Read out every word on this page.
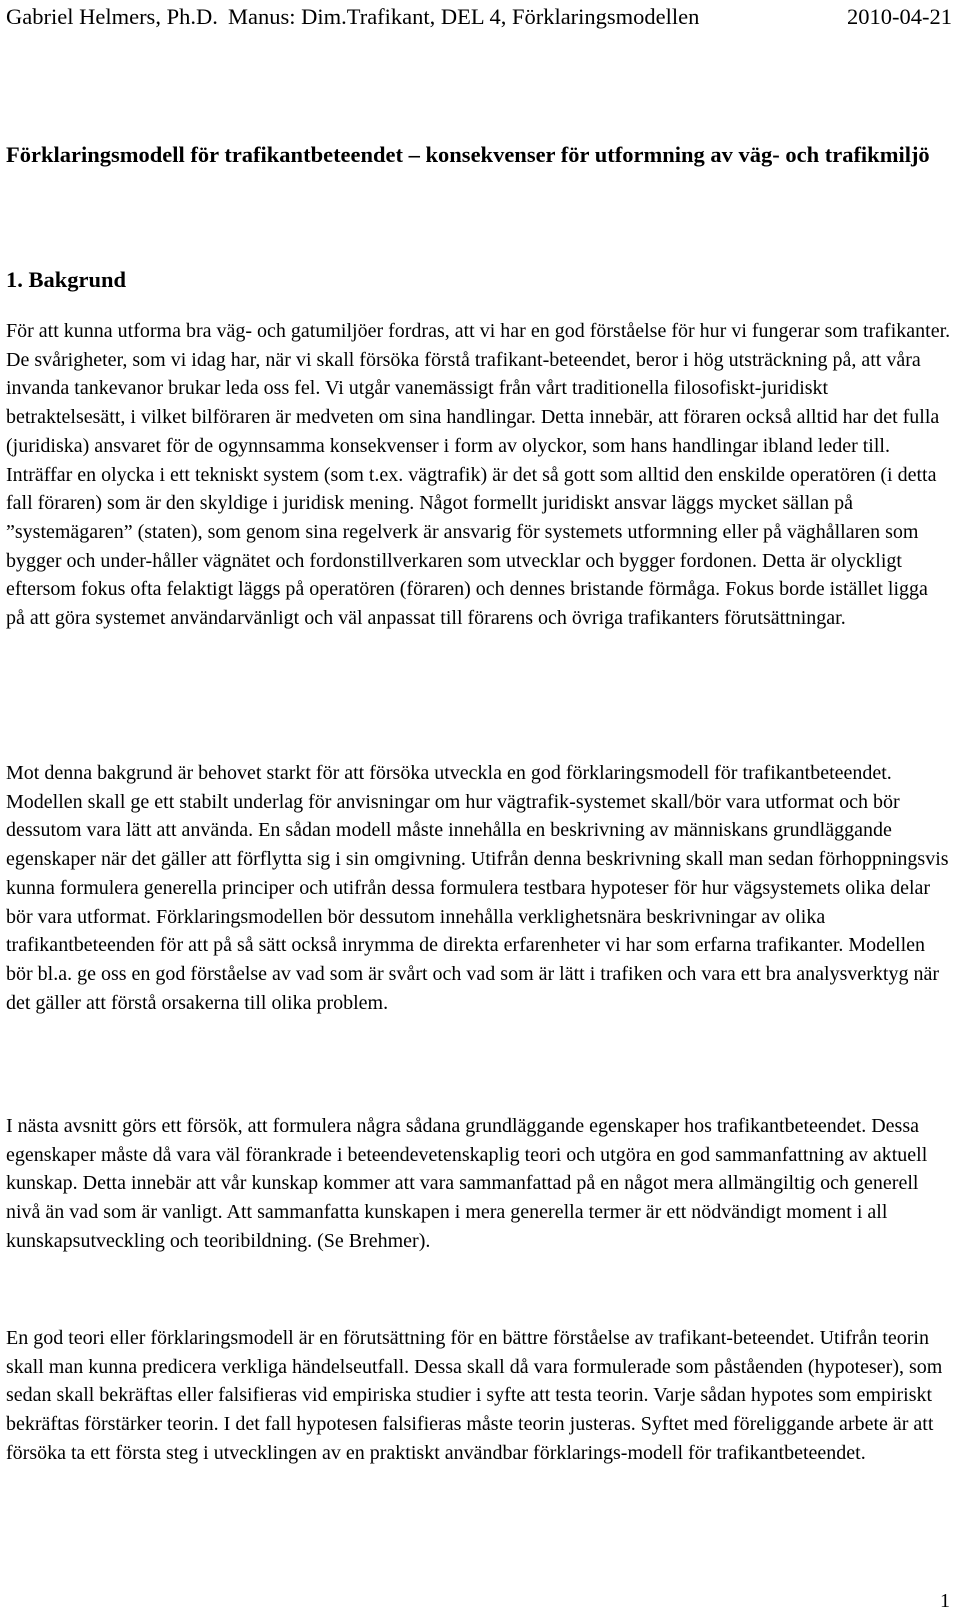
Gabriel Helmers, Ph.D. Manus: Dim.Trafikant, DEL 4, Förklaringsmodellen	2010-04-21
Förklaringsmodell för trafikantbeteendet – konsekvenser för utformning av väg- och trafikmiljö
1. Bakgrund

För att kunna utforma bra väg- och gatumiljöer fordras, att vi har en god förståelse för hur vi fungerar som trafikanter. De svårigheter, som vi idag har, när vi skall försöka förstå trafikant-beteendet, beror i hög utsträckning på, att våra invanda tankevanor brukar leda oss fel. Vi utgår vanemässigt från vårt traditionella filosofiskt-juridiskt betraktelsesätt, i vilket bilföraren är medveten om sina handlingar. Detta innebär, att föraren också alltid har det fulla (juridiska) ansvaret för de ogynnsamma konsekvenser i form av olyckor, som hans handlingar ibland leder till. Inträffar en olycka i ett tekniskt system (som t.ex. vägtrafik) är det så gott som alltid den enskilde operatören (i detta fall föraren) som är den skyldige i juridisk mening. Något formellt juridiskt ansvar läggs mycket sällan på ”systemägaren” (staten), som genom sina regelverk är ansvarig för systemets utformning eller på väghållaren som bygger och under-håller vägnätet och fordonstillverkaren som utvecklar och bygger fordonen. Detta är olyckligt eftersom fokus ofta felaktigt läggs på operatören (föraren) och dennes bristande förmåga. Fokus borde istället ligga på att göra systemet användarvänligt och väl anpassat till förarens och övriga trafikanters förutsättningar.

Mot denna bakgrund är behovet starkt för att försöka utveckla en god förklaringsmodell för trafikantbeteendet. Modellen skall ge ett stabilt underlag för anvisningar om hur vägtrafik-systemet skall/bör vara utformat och bör dessutom vara lätt att använda. En sådan modell måste innehålla en beskrivning av människans grundläggande egenskaper när det gäller att förflytta sig i sin omgivning. Utifrån denna beskrivning skall man sedan förhoppningsvis kunna formulera generella principer och utifrån dessa formulera testbara hypoteser för hur vägsystemets olika delar bör vara utformat. Förklaringsmodellen bör dessutom innehålla verklighetsnära beskrivningar av olika trafikantbeteenden för att på så sätt också inrymma de direkta erfarenheter vi har som erfarna trafikanter. Modellen bör bl.a. ge oss en god förståelse av vad som är svårt och vad som är lätt i trafiken och vara ett bra analysverktyg när det gäller att förstå orsakerna till olika problem.

I nästa avsnitt görs ett försök, att formulera några sådana grundläggande egenskaper hos trafikantbeteendet. Dessa egenskaper måste då vara väl förankrade i beteendevetenskaplig teori och utgöra en god sammanfattning av aktuell kunskap. Detta innebär att vår kunskap kommer att vara sammanfattad på en något mera allmängiltig och generell nivå än vad som är vanligt. Att sammanfatta kunskapen i mera generella termer är ett nödvändigt moment i all kunskapsutveckling och teoribildning. (Se Brehmer).

En god teori eller förklaringsmodell är en förutsättning för en bättre förståelse av trafikant-beteendet. Utifrån teorin skall man kunna predicera verkliga händelseutfall. Dessa skall då vara formulerade som påståenden (hypoteser), som sedan skall bekräftas eller falsifieras vid empiriska studier i syfte att testa teorin. Varje sådan hypotes som empiriskt bekräftas förstärker teorin. I det fall hypotesen falsifieras måste teorin justeras. Syftet med föreliggande arbete är att försöka ta ett första steg i utvecklingen av en praktiskt användbar förklarings-modell för trafikantbeteendet.

1
